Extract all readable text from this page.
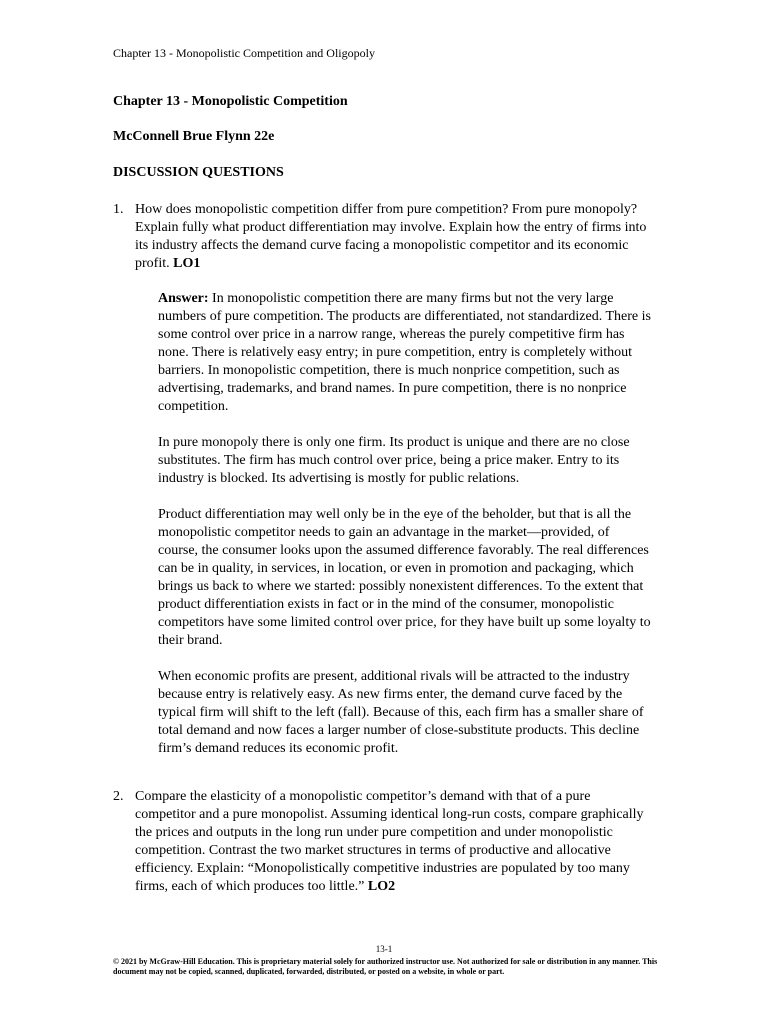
Chapter 13 - Monopolistic Competition and Oligopoly
Chapter 13 - Monopolistic Competition
McConnell Brue Flynn 22e
DISCUSSION QUESTIONS
1. How does monopolistic competition differ from pure competition? From pure monopoly? Explain fully what product differentiation may involve. Explain how the entry of firms into its industry affects the demand curve facing a monopolistic competitor and its economic profit. LO1

Answer: In monopolistic competition there are many firms but not the very large numbers of pure competition. The products are differentiated, not standardized. There is some control over price in a narrow range, whereas the purely competitive firm has none. There is relatively easy entry; in pure competition, entry is completely without barriers. In monopolistic competition, there is much nonprice competition, such as advertising, trademarks, and brand names. In pure competition, there is no nonprice competition.

In pure monopoly there is only one firm. Its product is unique and there are no close substitutes. The firm has much control over price, being a price maker. Entry to its industry is blocked. Its advertising is mostly for public relations.

Product differentiation may well only be in the eye of the beholder, but that is all the monopolistic competitor needs to gain an advantage in the market—provided, of course, the consumer looks upon the assumed difference favorably. The real differences can be in quality, in services, in location, or even in promotion and packaging, which brings us back to where we started: possibly nonexistent differences. To the extent that product differentiation exists in fact or in the mind of the consumer, monopolistic competitors have some limited control over price, for they have built up some loyalty to their brand.

When economic profits are present, additional rivals will be attracted to the industry because entry is relatively easy. As new firms enter, the demand curve faced by the typical firm will shift to the left (fall). Because of this, each firm has a smaller share of total demand and now faces a larger number of close-substitute products. This decline firm’s demand reduces its economic profit.

2. Compare the elasticity of a monopolistic competitor’s demand with that of a pure competitor and a pure monopolist. Assuming identical long-run costs, compare graphically the prices and outputs in the long run under pure competition and under monopolistic competition. Contrast the two market structures in terms of productive and allocative efficiency. Explain: “Monopolistically competitive industries are populated by too many firms, each of which produces too little.” LO2
13-1
© 2021 by McGraw-Hill Education. This is proprietary material solely for authorized instructor use. Not authorized for sale or distribution in any manner. This document may not be copied, scanned, duplicated, forwarded, distributed, or posted on a website, in whole or part.
